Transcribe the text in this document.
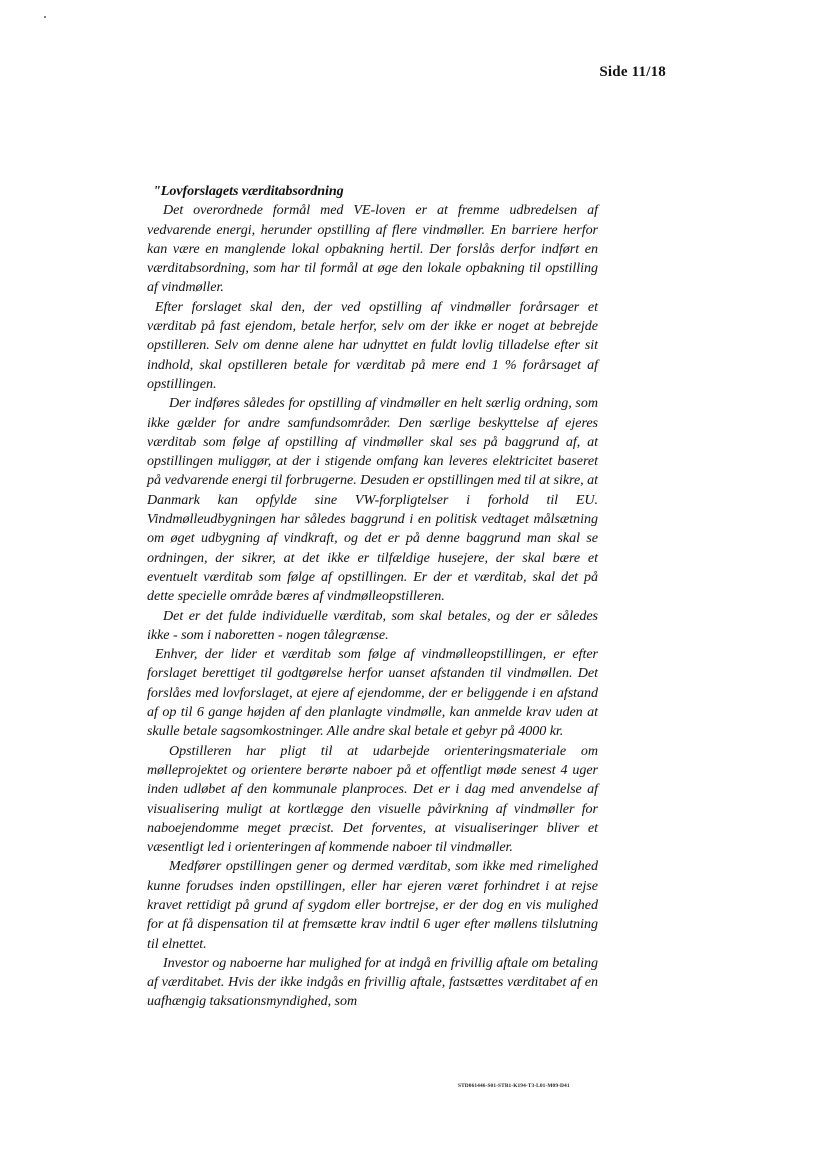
Side 11/18

"Lovforslagets værditabsordning

Det overordnede formål med VE-loven er at fremme udbredelsen af vedvarende energi, herunder opstilling af flere vindmøller. En barriere herfor kan være en manglende lokal opbakning hertil. Der forslås derfor indført en værditabsordning, som har til formål at øge den lokale opbakning til opstilling af vindmøller.

Efter forslaget skal den, der ved opstilling af vindmøller forårsager et værditab på fast ejendom, betale herfor, selv om der ikke er noget at bebrejde opstilleren. Selv om denne alene har udnyttet en fuldt lovlig tilladelse efter sit indhold, skal opstilleren betale for værditab på mere end 1 % forårsaget af opstillingen.

Der indføres således for opstilling af vindmøller en helt særlig ordning, som ikke gælder for andre samfundsområder. Den særlige beskyttelse af ejeres værditab som følge af opstilling af vindmøller skal ses på baggrund af, at opstillingen muliggør, at der i stigende omfang kan leveres elektricitet baseret på vedvarende energi til forbrugerne. Desuden er opstillingen med til at sikre, at Danmark kan opfylde sine VW-forpligtelser i forhold til EU. Vindmølleudbygningen har således baggrund i en politisk vedtaget målsætning om øget udbygning af vindkraft, og det er på denne baggrund man skal se ordningen, der sikrer, at det ikke er tilfældige husejere, der skal bære et eventuelt værditab som følge af opstillingen. Er der et værditab, skal det på dette specielle område bæres af vindmølleopstilleren.

Det er det fulde individuelle værditab, som skal betales, og der er således ikke - som i naboretten - nogen tålegrænse.

Enhver, der lider et værditab som følge af vindmølleopstillingen, er efter forslaget berettiget til godtgørelse herfor uanset afstanden til vindmøllen. Det forslåes med lovforslaget, at ejere af ejendomme, der er beliggende i en afstand af op til 6 gange højden af den planlagte vindmølle, kan anmelde krav uden at skulle betale sagsomkostninger. Alle andre skal betale et gebyr på 4000 kr.

Opstilleren har pligt til at udarbejde orienteringsmateriale om mølleprojektet og orientere berørte naboer på et offentligt møde senest 4 uger inden udløbet af den kommunale planproces. Det er i dag med anvendelse af visualisering muligt at kortlægge den visuelle påvirkning af vindmøller for naboejendomme meget præcist. Det forventes, at visualiseringer bliver et væsentligt led i orienteringen af kommende naboer til vindmøller.

Medfører opstillingen gener og dermed værditab, som ikke med rimelighed kunne forudses inden opstillingen, eller har ejeren været forhindret i at rejse kravet rettidigt på grund af sygdom eller bortrejse, er der dog en vis mulighed for at få dispensation til at fremsætte krav indtil 6 uger efter møllens tilslutning til elnettet.

Investor og naboerne har mulighed for at indgå en frivillig aftale om betaling af værditabet. Hvis der ikke indgås en frivillig aftale, fastsættes værditabet af en uafhængig taksationsmyndighed, som

STD061446-S01-STB1-K194-T3-L01-M09-D41
